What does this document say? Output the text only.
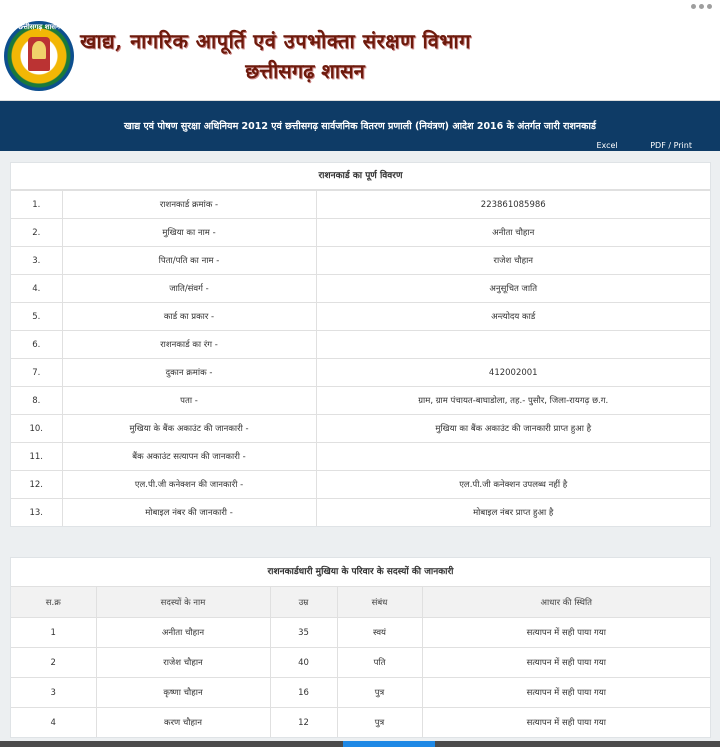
छत्तीसगढ़ शासन
खाद्य, नागरिक आपूर्ति एवं उपभोक्ता संरक्षण विभाग
छत्तीसगढ़ शासन
खाद्य एवं पोषण सुरक्षा अधिनियम 2012 एवं छत्तीसगढ़ सार्वजनिक वितरण प्रणाली (नियंत्रण) आदेश 2016 के अंतर्गत जारी राशनकार्ड
Excel	PDF / Print
राशनकार्ड का पूर्ण विवरण
1.	राशनकार्ड क्रमांक -	223861085986
2.	मुखिया का नाम -	अनीता चौहान
3.	पिता/पति का नाम -	राजेश चौहान
4.	जाति/संवर्ग -	अनुसूचित जाति
5.	कार्ड का प्रकार -	अन्त्योदय कार्ड
6.	राशनकार्ड का रंग -	
7.	दुकान क्रमांक -	412002001
8.	पता -	ग्राम, ग्राम पंचायत-बाघाडोला, तह.- पुसौर, जिला-रायगढ़ छ.ग.
10.	मुखिया के बैंक अकाउंट की जानकारी -	मुखिया का बैंक अकाउंट की जानकारी प्राप्त हुआ है
11.	बैंक अकाउंट सत्यापन की जानकारी -	
12.	एल.पी.जी कनेक्शन की जानकारी -	एल.पी.जी कनेक्शन उपलब्ध नहीं है
13.	मोबाइल नंबर की जानकारी -	मोबाइल नंबर प्राप्त हुआ है
राशनकार्डधारी मुखिया के परिवार के सदस्यों की जानकारी
स.क्र	सदस्यों के नाम	उम्र	संबंध	आधार की स्थिति
1	अनीता चौहान	35	स्वयं	सत्यापन में सही पाया गया
2	राजेश चौहान	40	पति	सत्यापन में सही पाया गया
3	कृष्णा चौहान	16	पुत्र	सत्यापन में सही पाया गया
4	करण चौहान	12	पुत्र	सत्यापन में सही पाया गया
